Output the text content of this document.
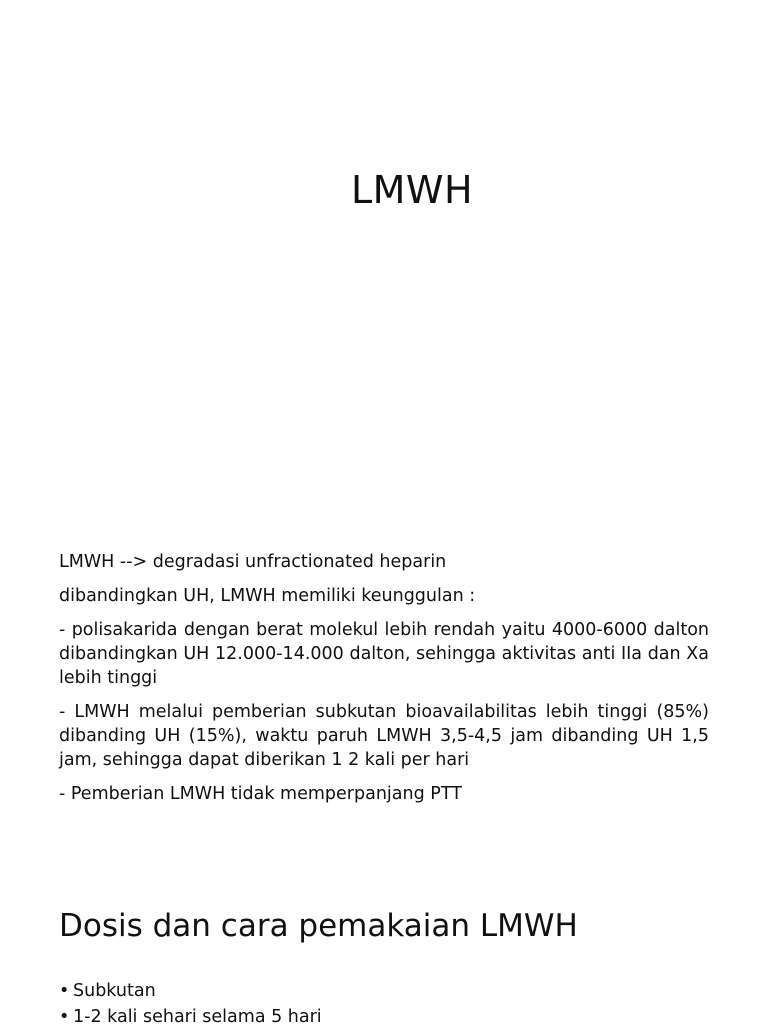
LMWH

LMWH --> degradasi unfractionated heparin

dibandingkan UH, LMWH memiliki keunggulan :

- polisakarida dengan berat molekul lebih rendah yaitu 4000-6000 dalton dibandingkan UH 12.000-14.000 dalton, sehingga aktivitas anti IIa dan Xa lebih tinggi

- LMWH melalui pemberian subkutan bioavailabilitas lebih tinggi (85%) dibanding UH (15%), waktu paruh LMWH 3,5-4,5 jam dibanding UH 1,5 jam, sehingga dapat diberikan 1 2 kali per hari

- Pemberian LMWH tidak memperpanjang PTT

Dosis dan cara pemakaian LMWH
• Subkutan
• 1-2 kali sehari selama 5 hari
